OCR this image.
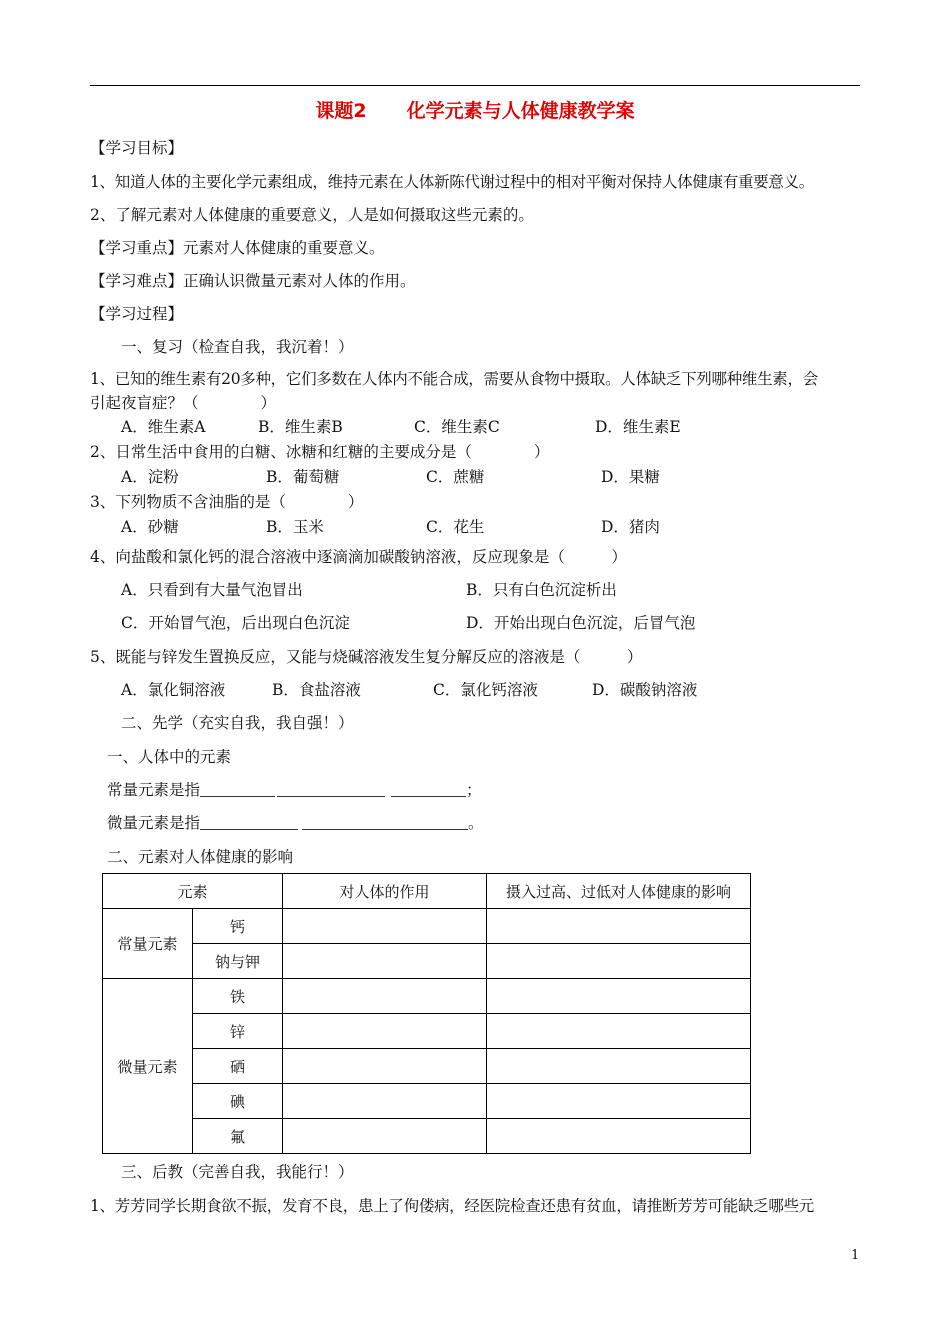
课题2 化学元素与人体健康教学案
【学习目标】
1、知道人体的主要化学元素组成，维持元素在人体新陈代谢过程中的相对平衡对保持人体健康有重要意义。
2、了解元素对人体健康的重要意义，人是如何摄取这些元素的。
【学习重点】元素对人体健康的重要意义。
【学习难点】正确认识微量元素对人体的作用。
【学习过程】
一、复习（检查自我，我沉着！）
1、已知的维生素有20多种，它们多数在人体内不能合成，需要从食物中摄取。人体缺乏下列哪种维生素，会
引起夜盲症？（　　　　）
A．维生素A	B．维生素B	C．维生素C	D．维生素E
2、日常生活中食用的白糖、冰糖和红糖的主要成分是（　　　　）
A．淀粉	B．葡萄糖	C．蔗糖	D．果糖
3、下列物质不含油脂的是（　　　　）
A．砂糖	B．玉米	C．花生	D．猪肉
4、向盐酸和氯化钙的混合溶液中逐滴滴加碳酸钠溶液，反应现象是（　　　）
A．只看到有大量气泡冒出	B．只有白色沉淀析出
C．开始冒气泡，后出现白色沉淀	D．开始出现白色沉淀，后冒气泡
5、既能与锌发生置换反应，又能与烧碱溶液发生复分解反应的溶液是（　　　）
A．氯化铜溶液	B．食盐溶液	C．氯化钙溶液	D．碳酸钠溶液
二、先学（充实自我，我自强！）
一、人体中的元素
常量元素是指	；
微量元素是指	。
二、元素对人体健康的影响
元素		对人体的作用	摄入过高、过低对人体健康的影响
常量元素	钙		
	钠与钾		
微量元素	铁		
	锌		
	硒		
	碘		
	氟		
三、后教（完善自我，我能行！）
1、芳芳同学长期食欲不振，发育不良，患上了佝偻病，经医院检查还患有贫血，请推断芳芳可能缺乏哪些元
1
